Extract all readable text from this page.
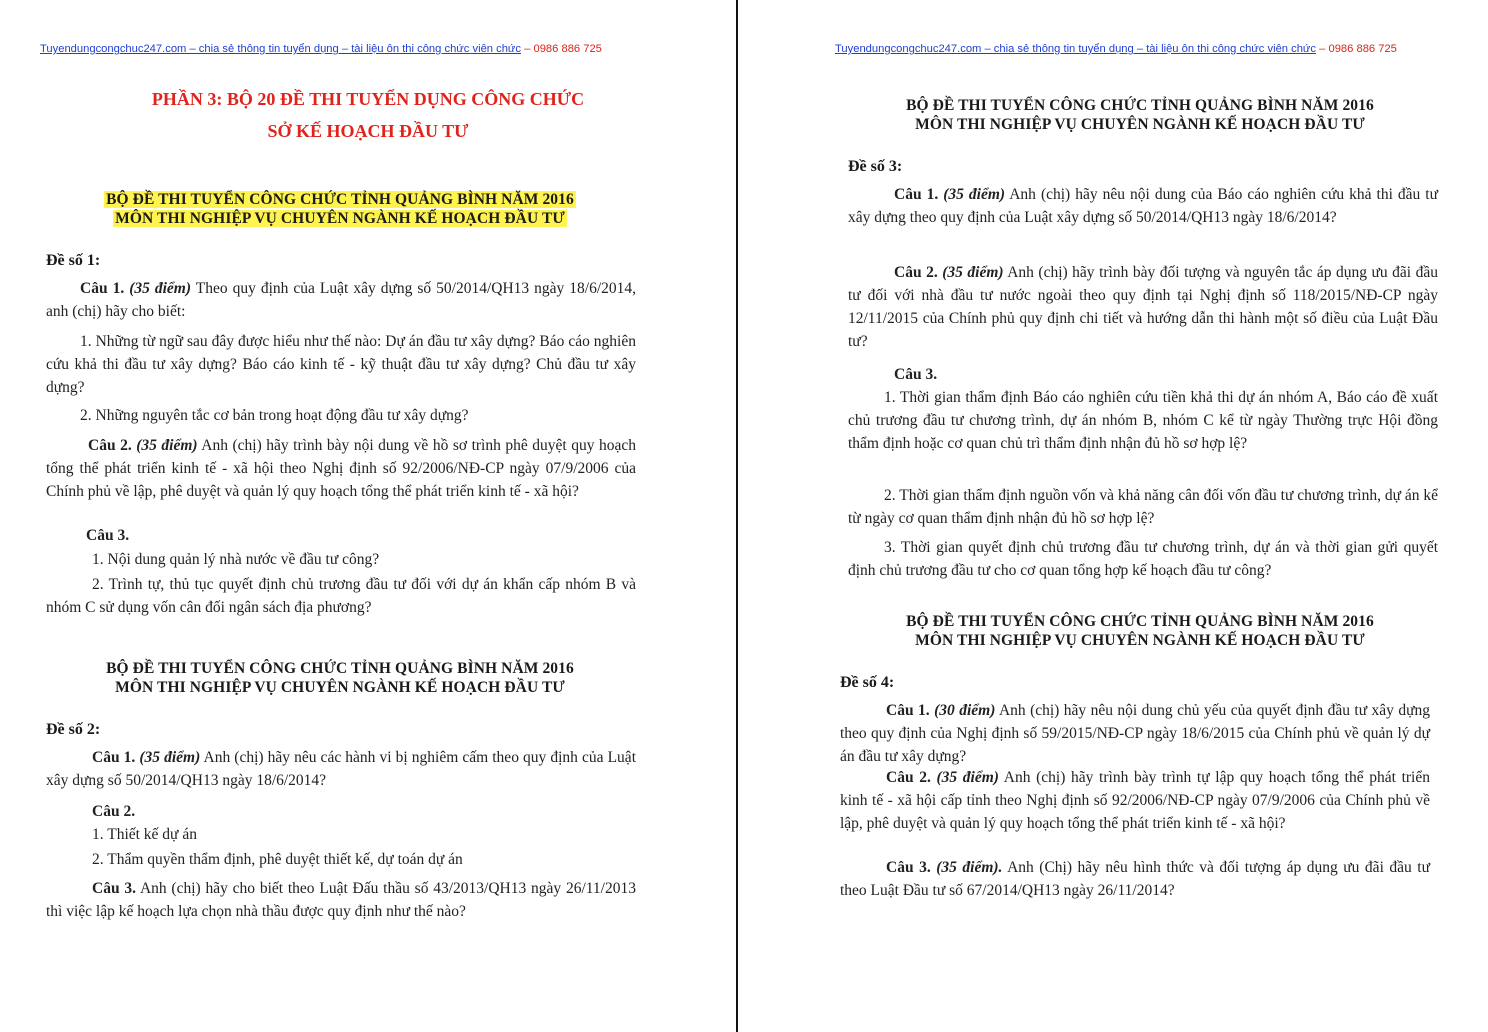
Tuyendungcongchuc247.com – chia sẻ thông tin tuyển dụng – tài liệu ôn thi công chức viên chức – 0986 886 725
PHẦN 3: BỘ 20 ĐỀ THI TUYỂN DỤNG CÔNG CHỨC
SỞ KẾ HOẠCH ĐẦU TƯ
BỘ ĐỀ THI TUYỂN CÔNG CHỨC TỈNH QUẢNG BÌNH NĂM 2016
MÔN THI NGHIỆP VỤ CHUYÊN NGÀNH KẾ HOẠCH ĐẦU TƯ
Đề số 1:
Câu 1. (35 điểm) Theo quy định của Luật xây dựng số 50/2014/QH13 ngày 18/6/2014, anh (chị) hãy cho biết:
1. Những từ ngữ sau đây được hiểu như thế nào: Dự án đầu tư xây dựng? Báo cáo nghiên cứu khả thi đầu tư xây dựng? Báo cáo kinh tế - kỹ thuật đầu tư xây dựng? Chủ đầu tư xây dựng?
2. Những nguyên tắc cơ bản trong hoạt động đầu tư xây dựng?
Câu 2. (35 điểm) Anh (chị) hãy trình bày nội dung về hồ sơ trình phê duyệt quy hoạch tổng thể phát triển kinh tế - xã hội theo Nghị định số 92/2006/NĐ-CP ngày 07/9/2006 của Chính phủ về lập, phê duyệt và quản lý quy hoạch tổng thể phát triển kinh tế - xã hội?
Câu 3.
1. Nội dung quản lý nhà nước về đầu tư công?
2. Trình tự, thủ tục quyết định chủ trương đầu tư đối với dự án khẩn cấp nhóm B và nhóm C sử dụng vốn cân đối ngân sách địa phương?
BỘ ĐỀ THI TUYỂN CÔNG CHỨC TỈNH QUẢNG BÌNH NĂM 2016
MÔN THI NGHIỆP VỤ CHUYÊN NGÀNH KẾ HOẠCH ĐẦU TƯ
Đề số 2:
Câu 1. (35 điểm) Anh (chị) hãy nêu các hành vi bị nghiêm cấm theo quy định của Luật xây dựng số 50/2014/QH13 ngày 18/6/2014?
Câu 2.
1. Thiết kế dự án
2. Thẩm quyền thẩm định, phê duyệt thiết kế, dự toán dự án
Câu 3. Anh (chị) hãy cho biết theo Luật Đấu thầu số 43/2013/QH13 ngày 26/11/2013 thì việc lập kế hoạch lựa chọn nhà thầu được quy định như thế nào?
Tuyendungcongchuc247.com – chia sẻ thông tin tuyển dụng – tài liệu ôn thi công chức viên chức – 0986 886 725
BỘ ĐỀ THI TUYỂN CÔNG CHỨC TỈNH QUẢNG BÌNH NĂM 2016
MÔN THI NGHIỆP VỤ CHUYÊN NGÀNH KẾ HOẠCH ĐẦU TƯ
Đề số 3:
Câu 1. (35 điểm) Anh (chị) hãy nêu nội dung của Báo cáo nghiên cứu khả thi đầu tư xây dựng theo quy định của Luật xây dựng số 50/2014/QH13 ngày 18/6/2014?
Câu 2. (35 điểm) Anh (chị) hãy trình bày đối tượng và nguyên tắc áp dụng ưu đãi đầu tư đối với nhà đầu tư nước ngoài theo quy định tại Nghị định số 118/2015/NĐ-CP ngày 12/11/2015 của Chính phủ quy định chi tiết và hướng dẫn thi hành một số điều của Luật Đầu tư?
Câu 3.
1. Thời gian thẩm định Báo cáo nghiên cứu tiền khả thi dự án nhóm A, Báo cáo đề xuất chủ trương đầu tư chương trình, dự án nhóm B, nhóm C kể từ ngày Thường trực Hội đồng thẩm định hoặc cơ quan chủ trì thẩm định nhận đủ hồ sơ hợp lệ?
2. Thời gian thẩm định nguồn vốn và khả năng cân đối vốn đầu tư chương trình, dự án kể từ ngày cơ quan thẩm định nhận đủ hồ sơ hợp lệ?
3. Thời gian quyết định chủ trương đầu tư chương trình, dự án và thời gian gửi quyết định chủ trương đầu tư cho cơ quan tổng hợp kế hoạch đầu tư công?
BỘ ĐỀ THI TUYỂN CÔNG CHỨC TỈNH QUẢNG BÌNH NĂM 2016
MÔN THI NGHIỆP VỤ CHUYÊN NGÀNH KẾ HOẠCH ĐẦU TƯ
Đề số 4:
Câu 1. (30 điểm) Anh (chị) hãy nêu nội dung chủ yếu của quyết định đầu tư xây dựng theo quy định của Nghị định số 59/2015/NĐ-CP ngày 18/6/2015 của Chính phủ về quản lý dự án đầu tư xây dựng?
Câu 2. (35 điểm) Anh (chị) hãy trình bày trình tự lập quy hoạch tổng thể phát triển kinh tế - xã hội cấp tỉnh theo Nghị định số 92/2006/NĐ-CP ngày 07/9/2006 của Chính phủ về lập, phê duyệt và quản lý quy hoạch tổng thể phát triển kinh tế - xã hội?
Câu 3. (35 điểm). Anh (Chị) hãy nêu hình thức và đối tượng áp dụng ưu đãi đầu tư theo Luật Đầu tư số 67/2014/QH13 ngày 26/11/2014?
